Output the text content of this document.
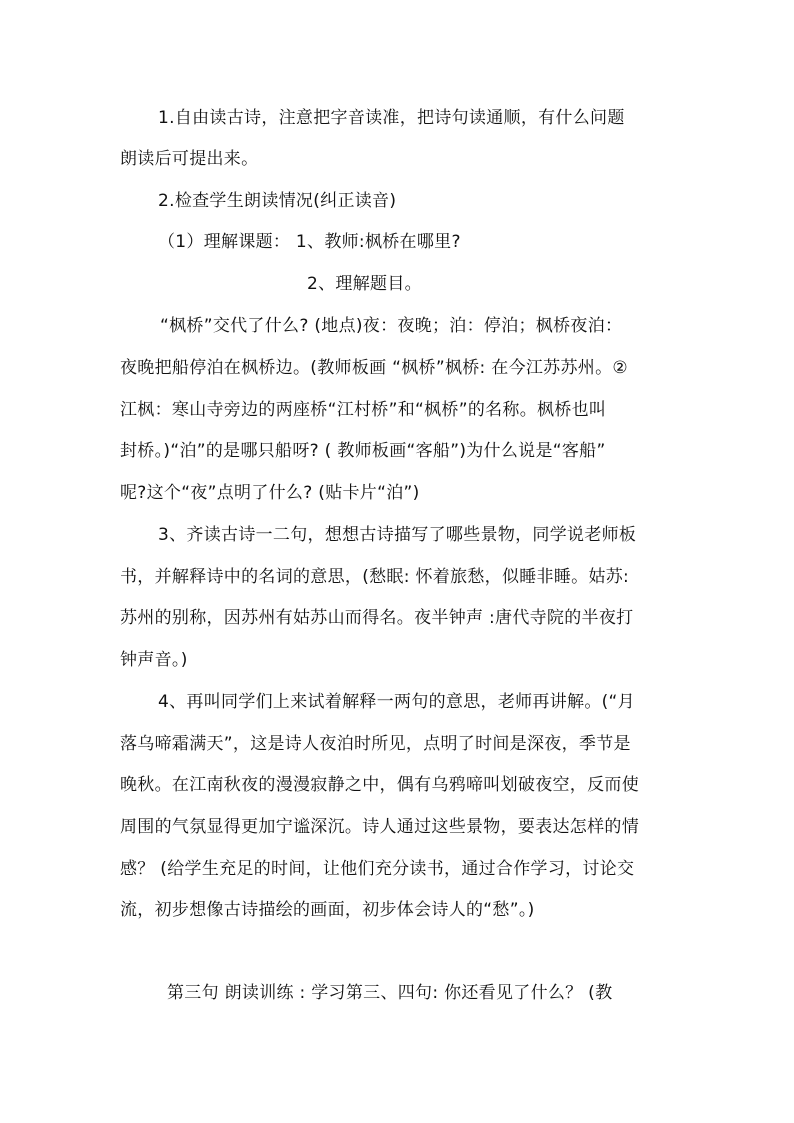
1.自由读古诗，注意把字音读准，把诗句读通顺，有什么问题
朗读后可提出来。
2.检查学生朗读情况(纠正读音)
（1）理解课题： 1、教师:枫桥在哪里?
2、理解题目。
“枫桥”交代了什么? (地点)夜：夜晚；泊：停泊；枫桥夜泊：
夜晚把船停泊在枫桥边。(教师板画 “枫桥”枫桥: 在今江苏苏州。②
江枫：寒山寺旁边的两座桥“江村桥”和“枫桥”的名称。枫桥也叫
封桥。)“泊”的是哪只船呀? ( 教师板画“客船”)为什么说是“客船”
呢?这个“夜”点明了什么? (贴卡片“泊”)
3、齐读古诗一二句，想想古诗描写了哪些景物，同学说老师板
书，并解释诗中的名词的意思，(愁眠: 怀着旅愁，似睡非睡。姑苏:
苏州的别称，因苏州有姑苏山而得名。夜半钟声 :唐代寺院的半夜打
钟声音。)
4、再叫同学们上来试着解释一两句的意思，老师再讲解。(“月
落乌啼霜满天”，这是诗人夜泊时所见，点明了时间是深夜，季节是
晚秋。在江南秋夜的漫漫寂静之中，偶有乌鸦啼叫划破夜空，反而使
周围的气氛显得更加宁谧深沉。诗人通过这些景物，要表达怎样的情
感？ (给学生充足的时间，让他们充分读书，通过合作学习，讨论交
流，初步想像古诗描绘的画面，初步体会诗人的“愁”。)
第三句 朗读训练 : 学习第三、四句: 你还看见了什么？ (教
